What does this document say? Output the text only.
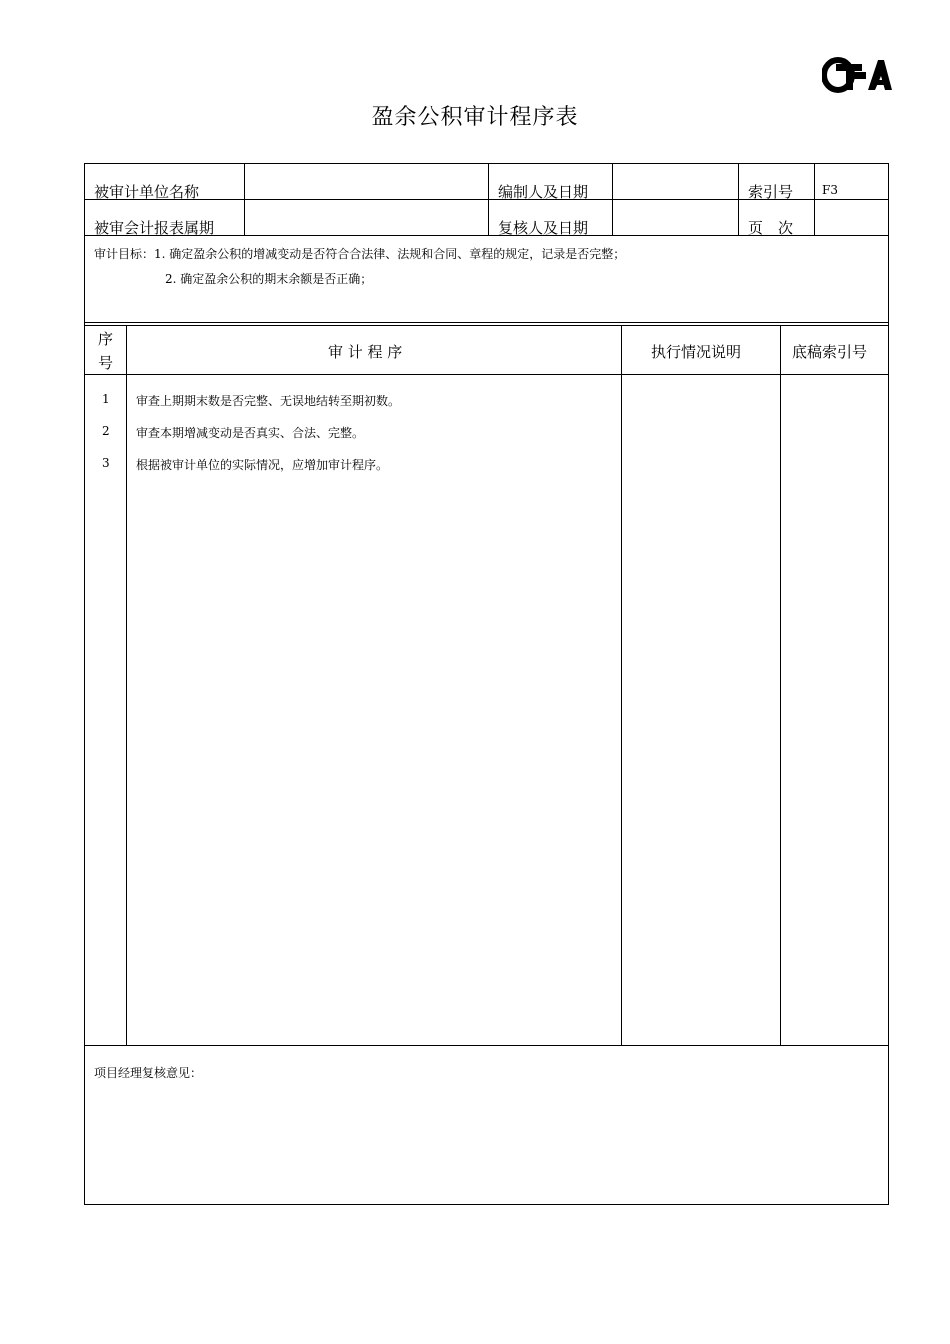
盈余公积审计程序表
被审计单位名称	编制人及日期	索引号 F3
被审会计报表属期	复核人及日期	页　次
审计目标：1. 确定盈余公积的增减变动是否符合合法律、法规和合同、章程的规定，记录是否完整；
2. 确定盈余公积的期末余额是否正确；
序
号
审 计 程 序	执行情况说明	底稿索引号
1 审查上期期末数是否完整、无误地结转至期初数。
2 审查本期增减变动是否真实、合法、完整。
3 根据被审计单位的实际情况，应增加审计程序。
项目经理复核意见：
